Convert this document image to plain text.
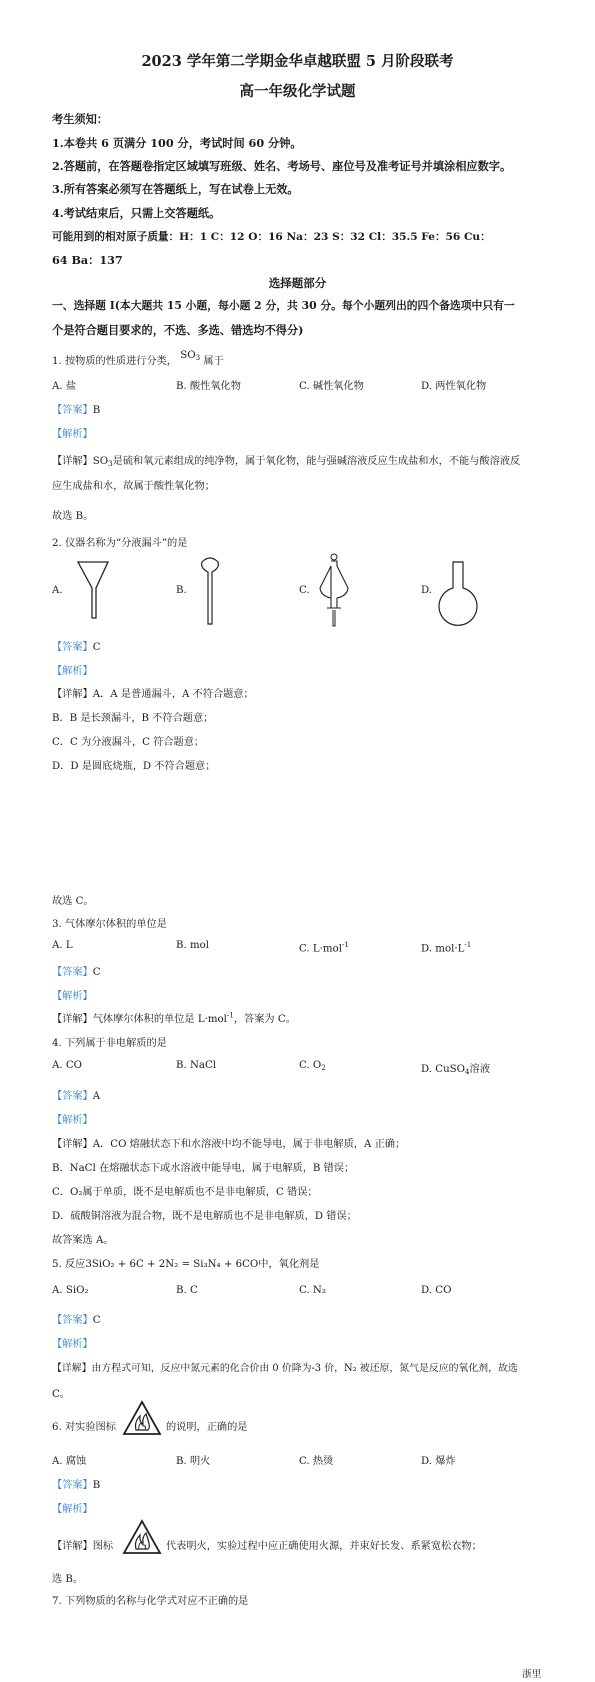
2023 学年第二学期金华卓越联盟 5 月阶段联考
高一年级化学试题
考生须知：
1.本卷共 6 页满分 100 分，考试时间 60 分钟。
2.答题前，在答题卷指定区域填写班级、姓名、考场号、座位号及准考证号并填涂相应数字。
3.所有答案必须写在答题纸上，写在试卷上无效。
4.考试结束后，只需上交答题纸。
可能用到的相对原子质量：H：1 C：12 O：16 Na：23 S：32 Cl：35.5 Fe：56 Cu：
64 Ba：137
选择题部分
一、选择题 I(本大题共 15 小题，每小题 2 分，共 30 分。每个小题列出的四个备选项中只有一
个是符合题目要求的，不选、多选、错选均不得分)
1. 按物质的性质进行分类， $SO_3$ 属于
A. 盐	B. 酸性氧化物	C. 碱性氧化物	D. 两性氧化物
【答案】B
【解析】
【详解】$SO_3$是硫和氧元素组成的纯净物，属于氧化物，能与强碱溶液反应生成盐和水，不能与酸溶液反
应生成盐和水，故属于酸性氧化物；
故选 B。
2. 仪器名称为“分液漏斗”的是
A.	B.	C.	D.
【答案】C
【解析】
【详解】A．A 是普通漏斗，A 不符合题意；
B．B 是长颈漏斗，B 不符合题意；
C．C 为分液漏斗，C 符合题意；
D．D 是圆底烧瓶，D 不符合题意；
故选 C。
3. 气体摩尔体积的单位是
A. L	B. mol	C. L·mol$^{-1}$	D. $mol\cdot L^{-1}$
【答案】C
【解析】
【详解】气体摩尔体积的单位是 L·mol$^{-1}$，答案为 C。
4. 下列属于非电解质的是
A. CO	B. NaCl	C. $O_2$	D. CuSO$_4$溶液
【答案】A
【解析】
【详解】A．CO 熔融状态下和水溶液中均不能导电，属于非电解质，A 正确；
B．NaCl 在熔融状态下或水溶液中能导电，属于电解质，B 错误；
C．O₂属于单质，既不是电解质也不是非电解质，C 错误；
D．硫酸铜溶液为混合物，既不是电解质也不是非电解质，D 错误；
故答案选 A。
5. 反应3SiO₂ + 6C + 2N₂ = Si₃N₄ + 6CO中，氧化剂是
A. SiO₂	B. C	C. N₂	D. CO
【答案】C
【解析】
【详解】由方程式可知，反应中氮元素的化合价由 0 价降为-3 价，N₂ 被还原，氮气是反应的氧化剂，故选
C。
6. 对实验图标	的说明，正确的是
A. 腐蚀	B. 明火	C. 热烫	D. 爆炸
【答案】B
【解析】
【详解】图标	代表明火，实验过程中应正确使用火源，并束好长发、系紧宽松衣物；
选 B。
7. 下列物质的名称与化学式对应不正确的是
浙里
